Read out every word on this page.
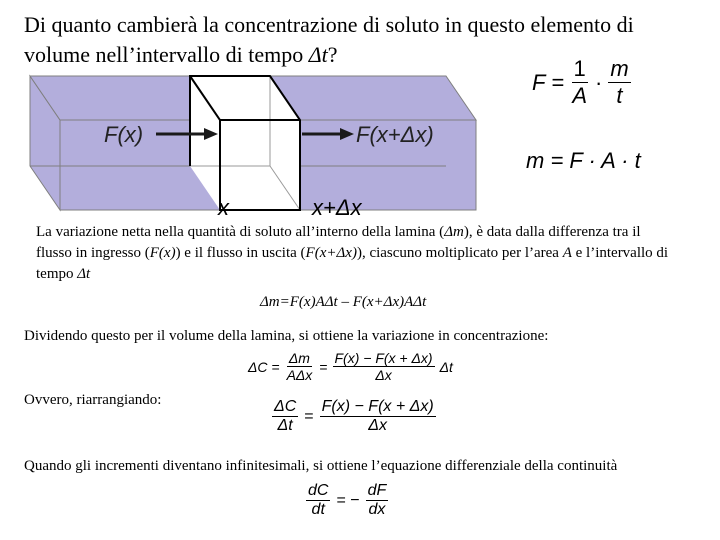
Di quanto cambierà la concentrazione di soluto in questo elemento di
volume nell’intervallo di tempo Δt?
F(x)	F(x+Δx)
x	x+Δx
$F = \frac{1}{A} \cdot \frac{m}{t}$
m = F · A · t
La variazione netta nella quantità di soluto all’interno della lamina (Δm), è data dalla differenza tra il flusso in ingresso (F(x)) e il flusso in uscita (F(x+Δx)), ciascuno moltiplicato per l’area A e l’intervallo di tempo Δt
Δm=F(x)AΔt – F(x+Δx)AΔt
Dividendo questo per il volume della lamina, si ottiene la variazione in concentrazione:
$\Delta C = \frac{\Delta m}{\text{AΔx}} = \frac{F(x) - F(x + \Delta x)}{\Delta x}$ Δt
Ovvero, riarrangiando:	$\frac{\Delta C}{\Delta t} = \frac{F(x) - F(x + \Delta x)}{\Delta x}$
Quando gli incrementi diventano infinitesimali, si ottiene l’equazione differenziale della continuità
$\frac{dC}{dt}$ = − $\frac{dF}{dx}$
